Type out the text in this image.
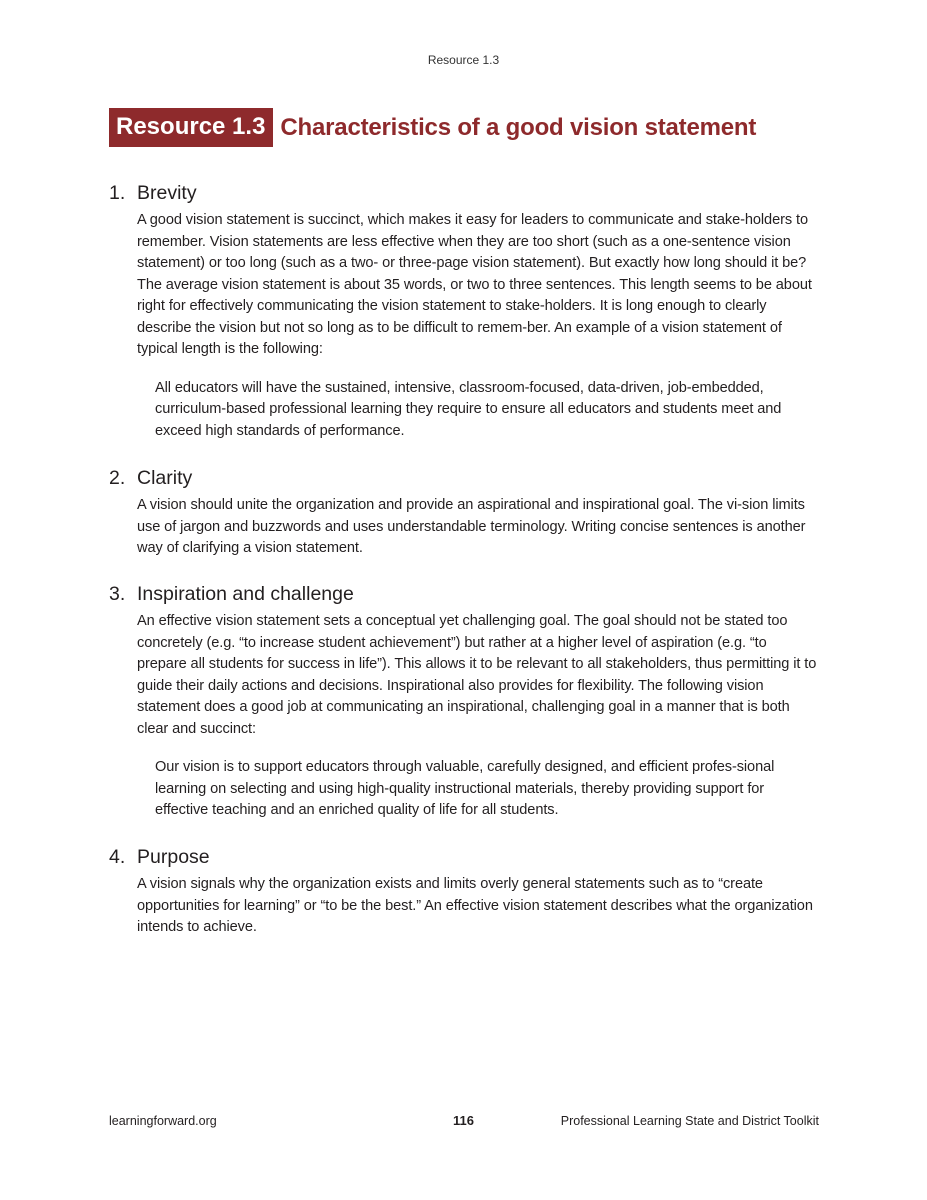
Resource 1.3
Resource 1.3 Characteristics of a good vision statement
1. Brevity

A good vision statement is succinct, which makes it easy for leaders to communicate and stake-holders to remember. Vision statements are less effective when they are too short (such as a one-sentence vision statement) or too long (such as a two- or three-page vision statement). But exactly how long should it be? The average vision statement is about 35 words, or two to three sentences. This length seems to be about right for effectively communicating the vision statement to stake-holders. It is long enough to clearly describe the vision but not so long as to be difficult to remem-ber. An example of a vision statement of typical length is the following:

All educators will have the sustained, intensive, classroom-focused, data-driven, job-embedded, curriculum-based professional learning they require to ensure all educators and students meet and exceed high standards of performance.
2. Clarity

A vision should unite the organization and provide an aspirational and inspirational goal. The vi-sion limits use of jargon and buzzwords and uses understandable terminology. Writing concise sentences is another way of clarifying a vision statement.

3. Inspiration and challenge

An effective vision statement sets a conceptual yet challenging goal. The goal should not be stated too concretely (e.g. “to increase student achievement”) but rather at a higher level of aspiration (e.g. “to prepare all students for success in life”). This allows it to be relevant to all stakeholders, thus permitting it to guide their daily actions and decisions. Inspirational also provides for flexibility. The following vision statement does a good job at communicating an inspirational, challenging goal in a manner that is both clear and succinct:

Our vision is to support educators through valuable, carefully designed, and efficient profes-sional learning on selecting and using high-quality instructional materials, thereby providing support for effective teaching and an enriched quality of life for all students.
4. Purpose

A vision signals why the organization exists and limits overly general statements such as to “create opportunities for learning” or “to be the best.” An effective vision statement describes what the organization intends to achieve.

learningforward.org	116	Professional Learning State and District Toolkit
